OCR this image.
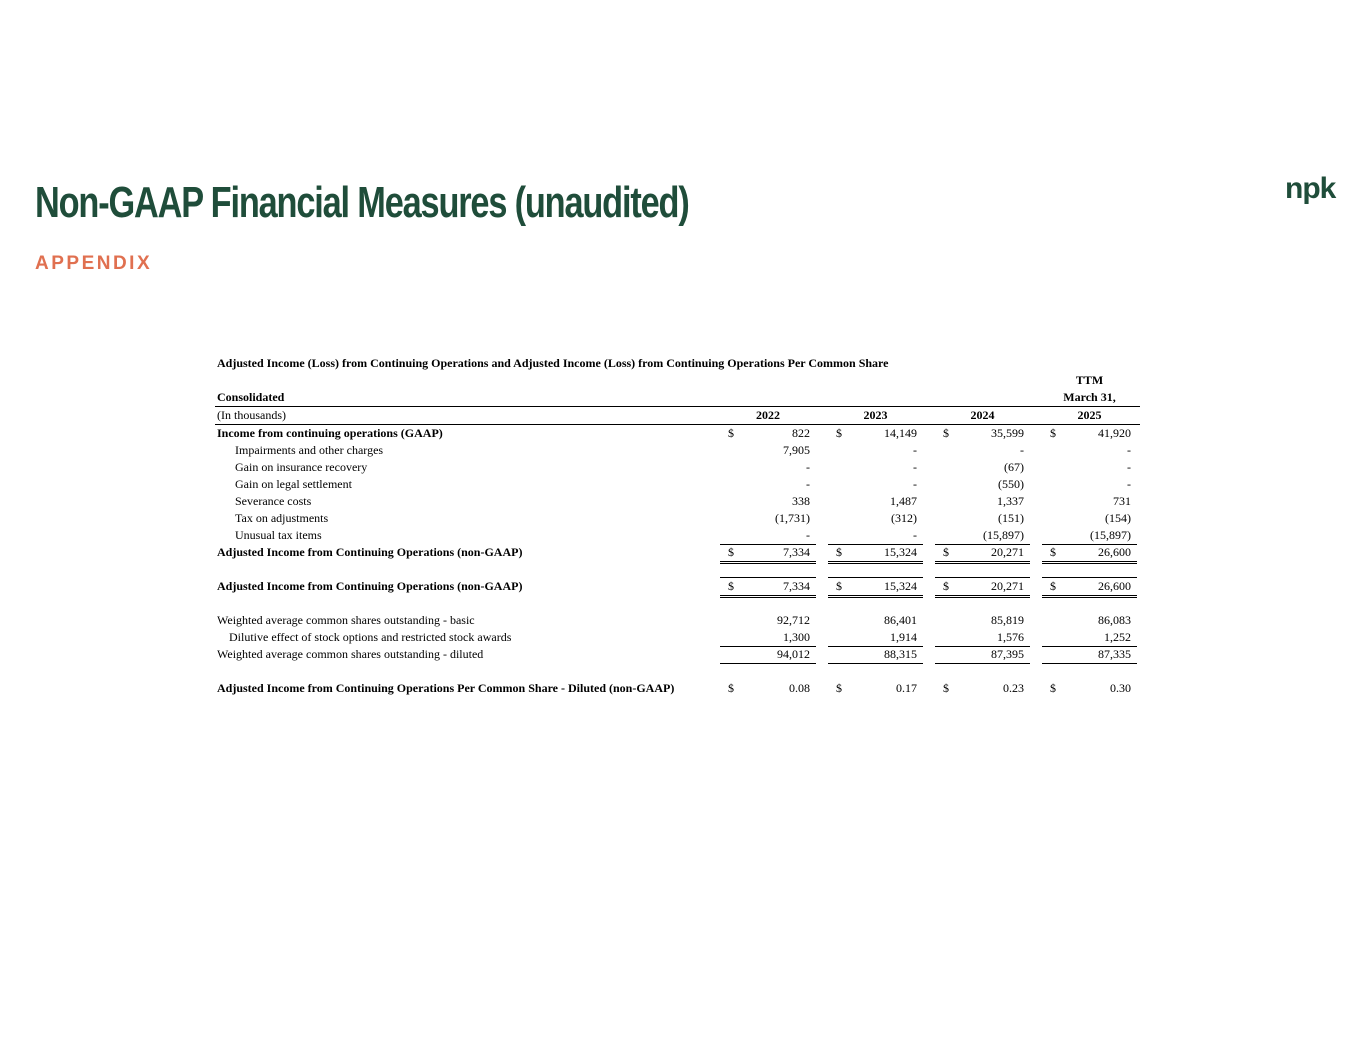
Non-GAAP Financial Measures (unaudited)
APPENDIX
npk
Adjusted Income (Loss) from Continuing Operations and Adjusted Income (Loss) from Continuing Operations Per Common Share
TTM
Consolidated	March 31,
(In thousands)	2022	2023	2024	2025
Income from continuing operations (GAAP)	$	822 $	14,149 $	35,599 $	41,920
Impairments and other charges	7,905	-	-	-
Gain on insurance recovery	-	-	(67)	-
Gain on legal settlement	-	-	(550)	-
Severance costs	338	1,487	1,337	731
Tax on adjustments	(1,731)	(312)	(151)	(154)
Unusual tax items	-	-	(15,897)	(15,897)
Adjusted Income from Continuing Operations (non-GAAP)	$	7,334 $	15,324 $	20,271 $	26,600
Adjusted Income from Continuing Operations (non-GAAP)	$	7,334 $	15,324 $	20,271 $	26,600
Weighted average common shares outstanding - basic	92,712	86,401	85,819	86,083
Dilutive effect of stock options and restricted stock awards	1,300	1,914	1,576	1,252
Weighted average common shares outstanding - diluted	94,012	88,315	87,395	87,335
Adjusted Income from Continuing Operations Per Common Share - Diluted (non-GAAP)	$	0.08 $	0.17 $	0.23 $	0.30
